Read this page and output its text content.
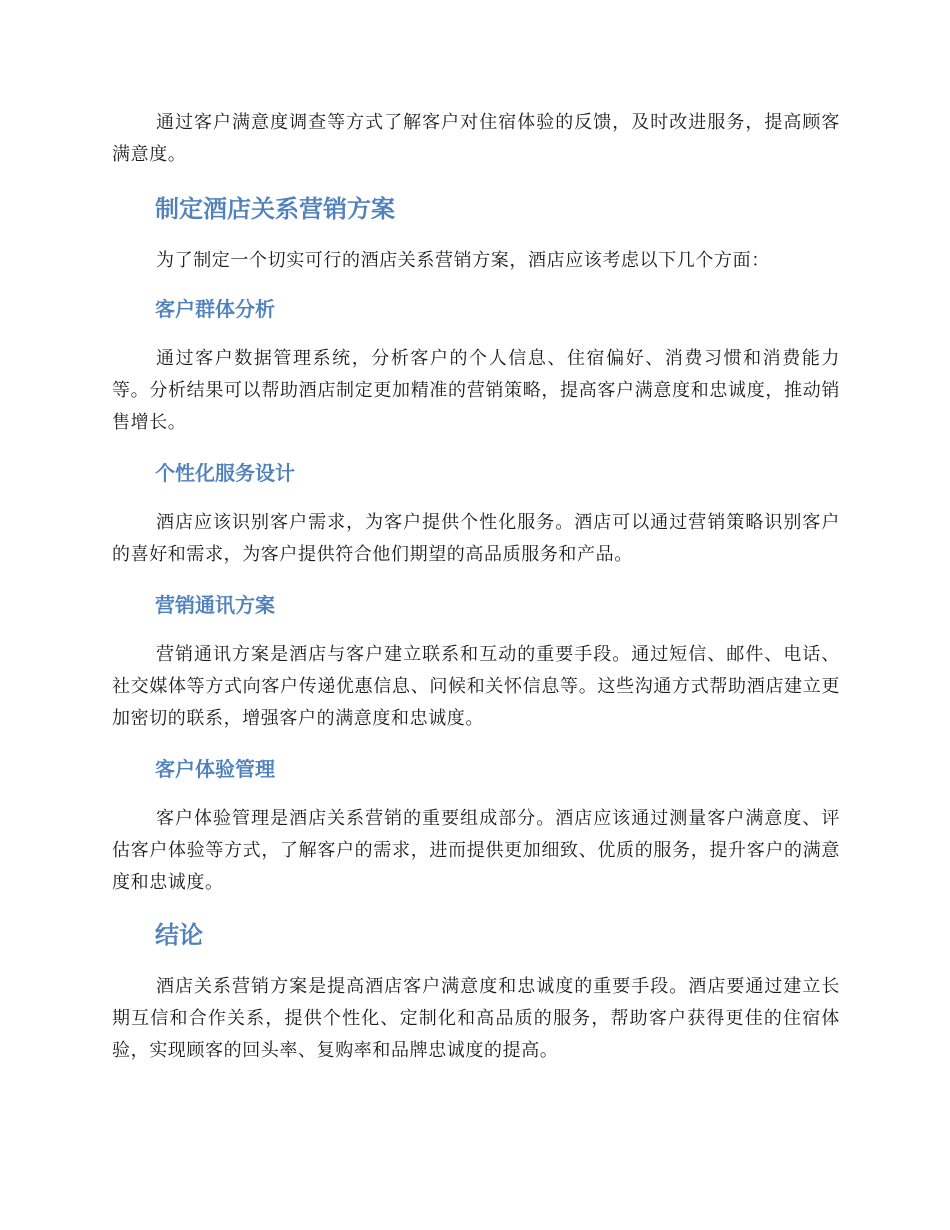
通过客户满意度调查等方式了解客户对住宿体验的反馈，及时改进服务，提高顾客满意度。

制定酒店关系营销方案

为了制定一个切实可行的酒店关系营销方案，酒店应该考虑以下几个方面：

客户群体分析

通过客户数据管理系统，分析客户的个人信息、住宿偏好、消费习惯和消费能力等。分析结果可以帮助酒店制定更加精准的营销策略，提高客户满意度和忠诚度，推动销售增长。

个性化服务设计

酒店应该识别客户需求，为客户提供个性化服务。酒店可以通过营销策略识别客户的喜好和需求，为客户提供符合他们期望的高品质服务和产品。

营销通讯方案

营销通讯方案是酒店与客户建立联系和互动的重要手段。通过短信、邮件、电话、社交媒体等方式向客户传递优惠信息、问候和关怀信息等。这些沟通方式帮助酒店建立更加密切的联系，增强客户的满意度和忠诚度。

客户体验管理

客户体验管理是酒店关系营销的重要组成部分。酒店应该通过测量客户满意度、评估客户体验等方式，了解客户的需求，进而提供更加细致、优质的服务，提升客户的满意度和忠诚度。

结论

酒店关系营销方案是提高酒店客户满意度和忠诚度的重要手段。酒店要通过建立长期互信和合作关系，提供个性化、定制化和高品质的服务，帮助客户获得更佳的住宿体验，实现顾客的回头率、复购率和品牌忠诚度的提高。
